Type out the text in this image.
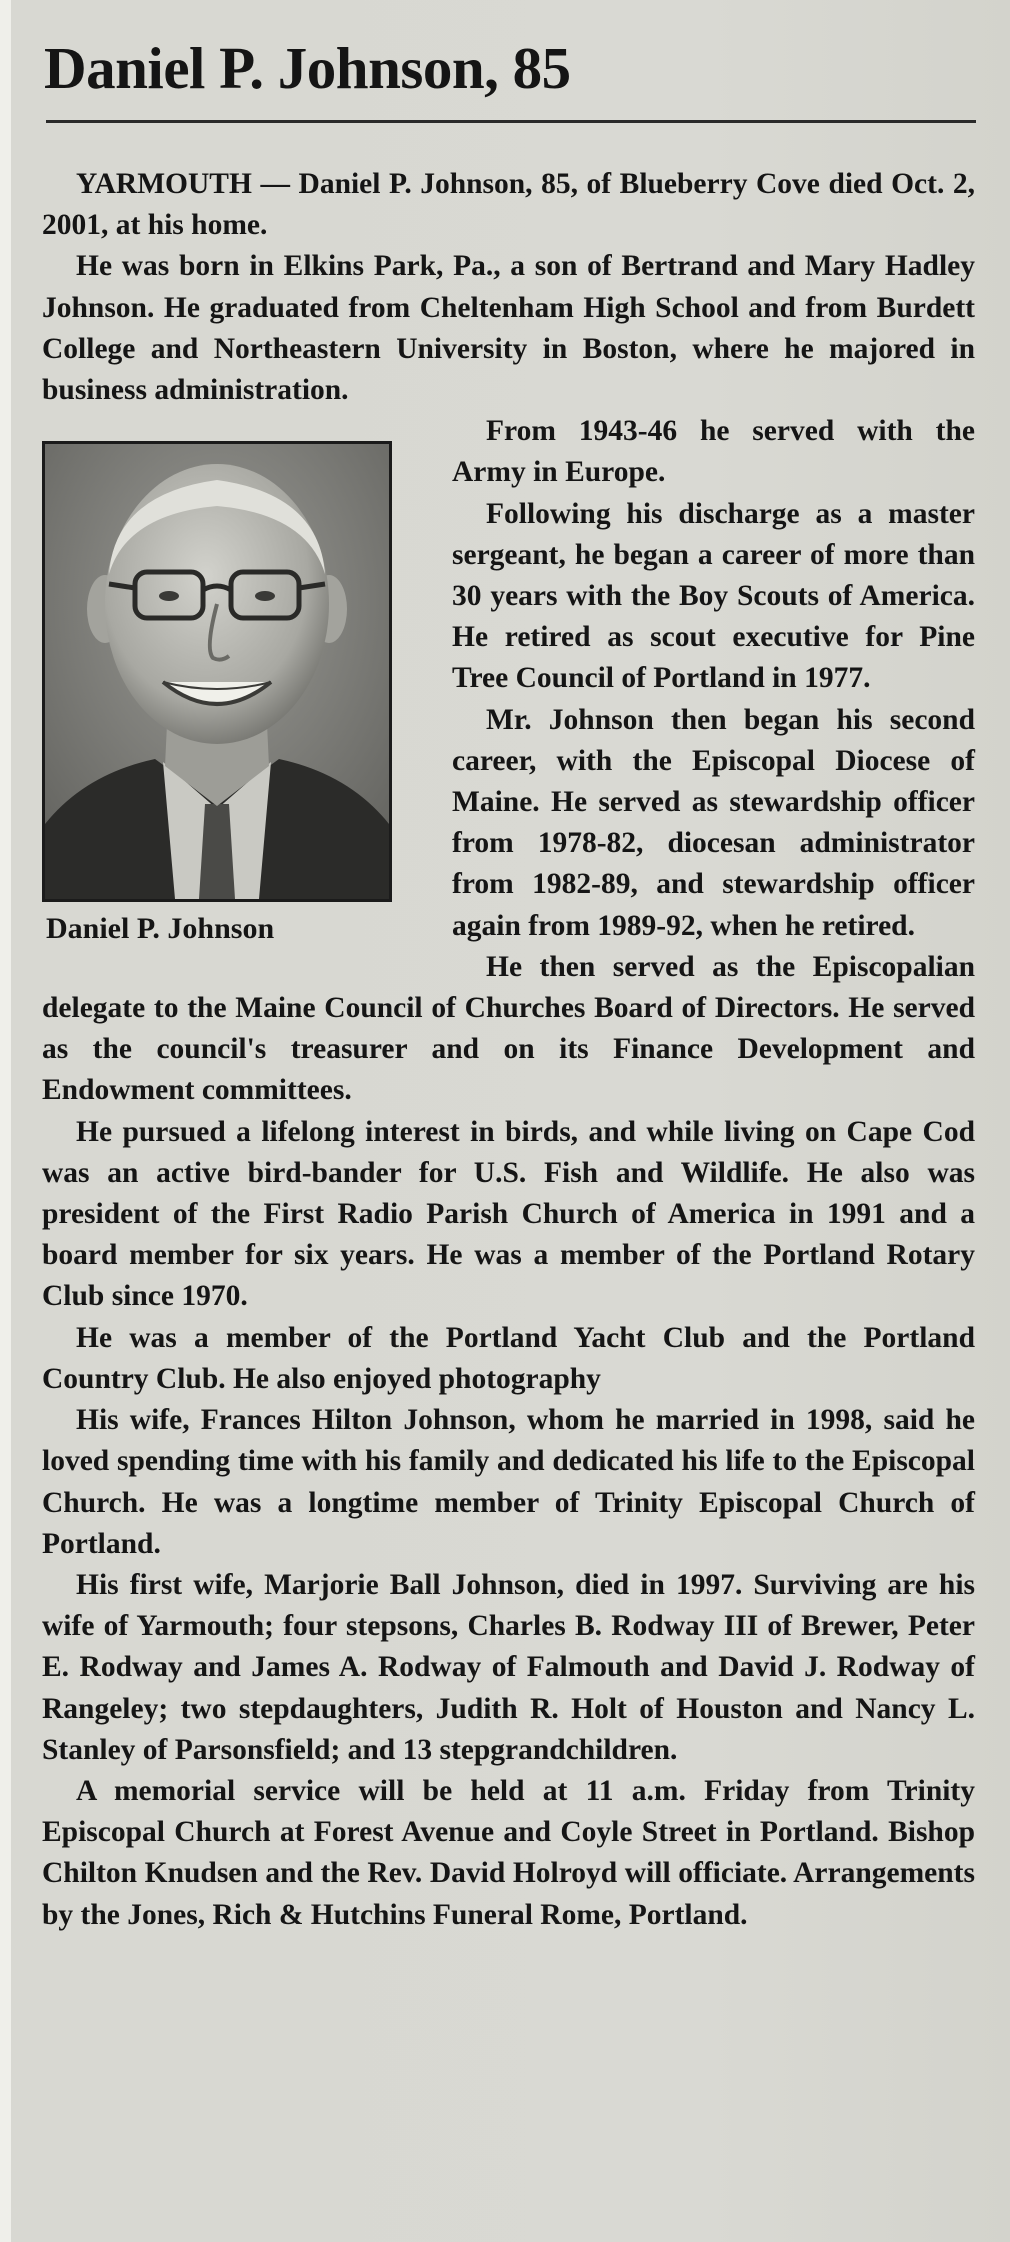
Daniel P. Johnson, 85

YARMOUTH — Daniel P. Johnson, 85, of Blueberry Cove died Oct. 2, 2001, at his home.

He was born in Elkins Park, Pa., a son of Bertrand and Mary Hadley Johnson. He graduated from Cheltenham High School and from Burdett College and Northeastern University in Boston, where he majored in business administration.

Daniel P. Johnson

From 1943-46 he served with the Army in Europe.

Following his discharge as a master sergeant, he began a career of more than 30 years with the Boy Scouts of America. He retired as scout executive for Pine Tree Council of Portland in 1977.

Mr. Johnson then began his second career, with the Episcopal Diocese of Maine. He served as stewardship officer from 1978-82, diocesan administrator from 1982-89, and stewardship officer again from 1989-92, when he retired.

He then served as the Episcopalian delegate to the Maine Council of Churches Board of Directors. He served as the council's treasurer and on its Finance Development and Endowment committees.

He pursued a lifelong interest in birds, and while living on Cape Cod was an active bird-bander for U.S. Fish and Wildlife. He also was president of the First Radio Parish Church of America in 1991 and a board member for six years. He was a member of the Portland Rotary Club since 1970.

He was a member of the Portland Yacht Club and the Portland Country Club. He also enjoyed photography

His wife, Frances Hilton Johnson, whom he married in 1998, said he loved spending time with his family and dedicated his life to the Episcopal Church. He was a longtime member of Trinity Episcopal Church of Portland.

His first wife, Marjorie Ball Johnson, died in 1997. Surviving are his wife of Yarmouth; four stepsons, Charles B. Rodway III of Brewer, Peter E. Rodway and James A. Rodway of Falmouth and David J. Rodway of Rangeley; two stepdaughters, Judith R. Holt of Houston and Nancy L. Stanley of Parsonsfield; and 13 stepgrandchildren.

A memorial service will be held at 11 a.m. Friday from Trinity Episcopal Church at Forest Avenue and Coyle Street in Portland. Bishop Chilton Knudsen and the Rev. David Holroyd will officiate. Arrangements by the Jones, Rich & Hutchins Funeral Rome, Portland.
